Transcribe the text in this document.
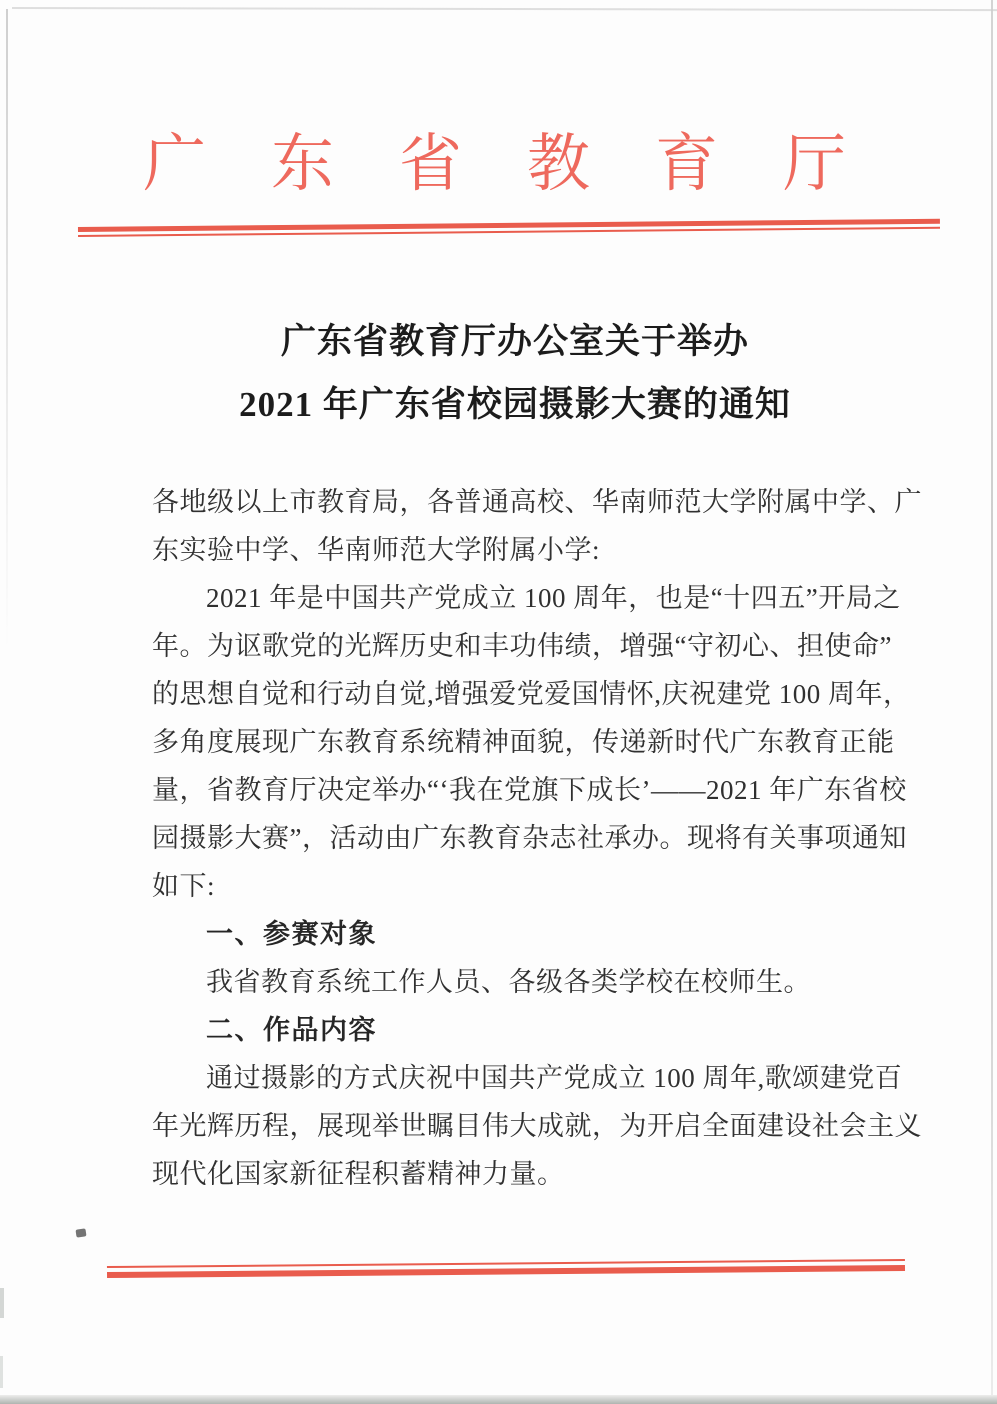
广东省教育厅
广东省教育厅办公室关于举办
2021 年广东省校园摄影大赛的通知
各地级以上市教育局，各普通高校、华南师范大学附属中学、广
东实验中学、华南师范大学附属小学:
2021 年是中国共产党成立 100 周年，也是“十四五”开局之
年。为讴歌党的光辉历史和丰功伟绩，增强“守初心、担使命”
的思想自觉和行动自觉,增强爱党爱国情怀,庆祝建党 100 周年，
多角度展现广东教育系统精神面貌，传递新时代广东教育正能
量，省教育厅决定举办“‘我在党旗下成长’——2021 年广东省校
园摄影大赛”，活动由广东教育杂志社承办。现将有关事项通知
如下:
一、参赛对象
我省教育系统工作人员、各级各类学校在校师生。
二、作品内容
通过摄影的方式庆祝中国共产党成立 100 周年,歌颂建党百
年光辉历程，展现举世瞩目伟大成就，为开启全面建设社会主义
现代化国家新征程积蓄精神力量。
